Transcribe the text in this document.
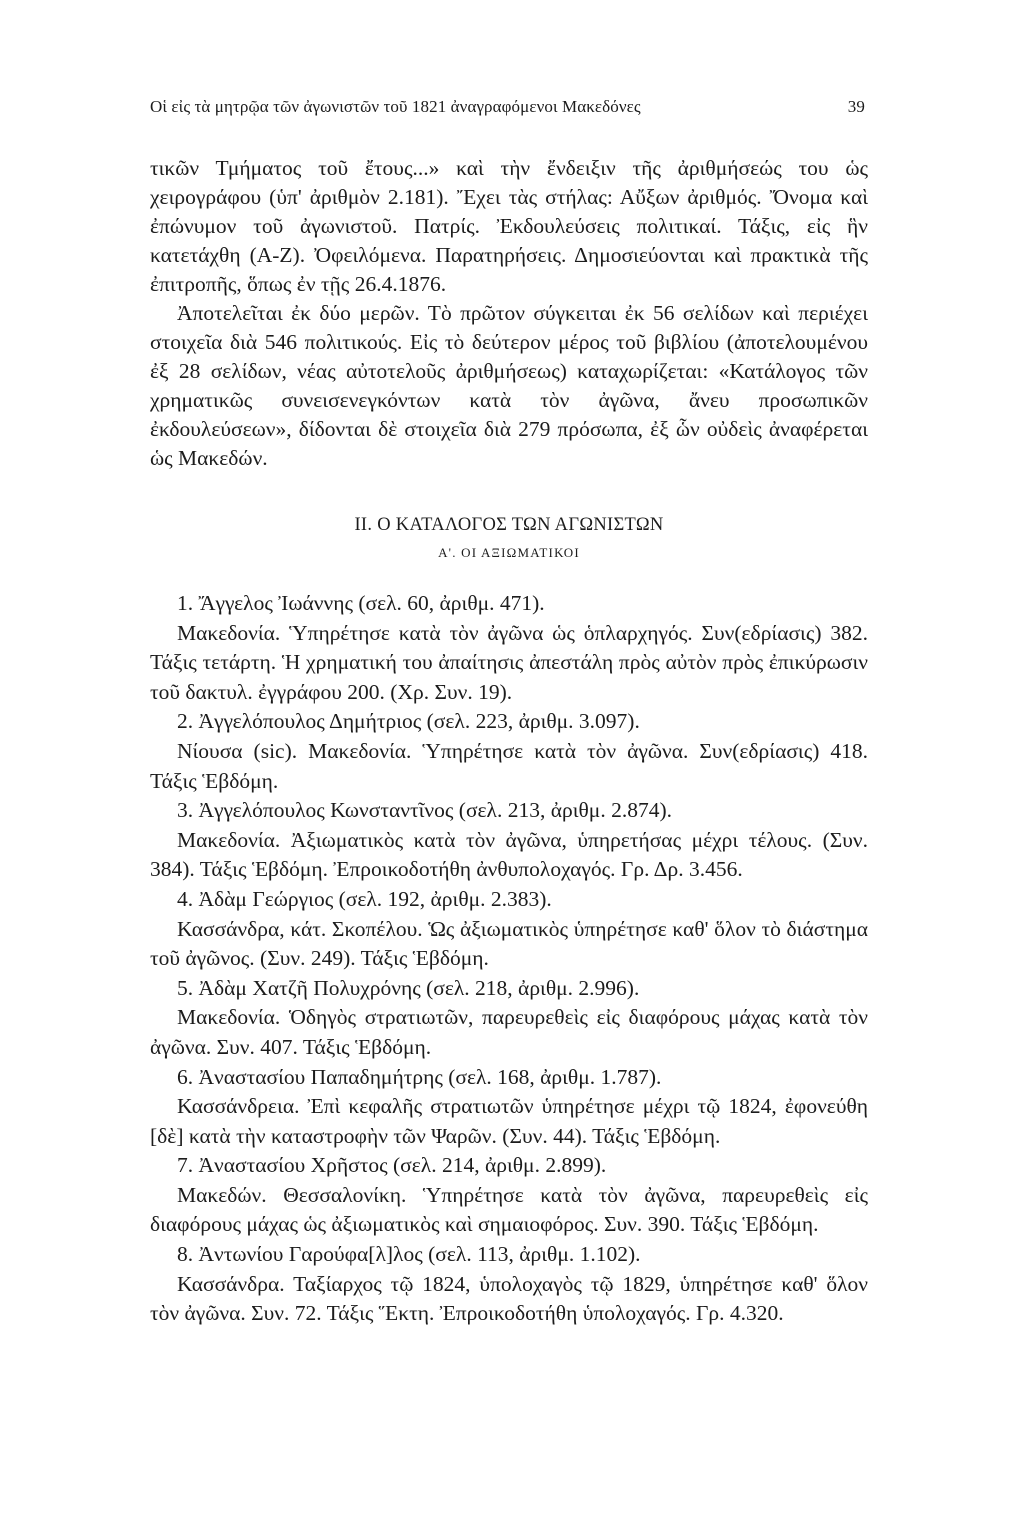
Οἱ εἰς τὰ μητρῷα τῶν ἀγωνιστῶν τοῦ 1821 ἀναγραφόμενοι Μακεδόνες	39

τικῶν Τμήματος τοῦ ἔτους...» καὶ τὴν ἔνδειξιν τῆς ἀριθμήσεώς του ὡς χειρογράφου (ὑπ' ἀριθμὸν 2.181). Ἔχει τὰς στήλας: Αὔξων ἀριθμός. Ὄνομα καὶ ἐπώνυμον τοῦ ἀγωνιστοῦ. Πατρίς. Ἐκδουλεύσεις πολιτικαί. Τάξις, εἰς ἣν κατετάχθη (Α-Ζ). Ὀφειλόμενα. Παρατηρήσεις. Δημοσιεύονται καὶ πρακτικὰ τῆς ἐπιτροπῆς, ὅπως ἐν τῇς 26.4.1876.

Ἀποτελεῖται ἐκ δύο μερῶν. Τὸ πρῶτον σύγκειται ἐκ 56 σελίδων καὶ περιέχει στοιχεῖα διὰ 546 πολιτικούς. Εἰς τὸ δεύτερον μέρος τοῦ βιβλίου (ἀποτελουμένου ἐξ 28 σελίδων, νέας αὐτοτελοῦς ἀριθμήσεως) καταχωρίζεται: «Κατάλογος τῶν χρηματικῶς συνεισενεγκόντων κατὰ τὸν ἀγῶνα, ἄνευ προσωπικῶν ἐκδουλεύσεων», δίδονται δὲ στοιχεῖα διὰ 279 πρόσωπα, ἐξ ὧν οὐδεὶς ἀναφέρεται ὡς Μακεδών.

II. Ο ΚΑΤΑΛΟΓΟΣ ΤΩΝ ΑΓΩΝΙΣΤΩΝ
Α'. ΟΙ ΑΞΙΩΜΑΤΙΚΟΙ
1. Ἄγγελος Ἰωάννης (σελ. 60, ἀριθμ. 471).
Μακεδονία. Ὑπηρέτησε κατὰ τὸν ἀγῶνα ὡς ὁπλαρχηγός. Συν(εδρίασις) 382. Τάξις τετάρτη. Ἡ χρηματική του ἀπαίτησις ἀπεστάλη πρὸς αὐτὸν πρὸς ἐπικύρωσιν τοῦ δακτυλ. ἐγγράφου 200. (Χρ. Συν. 19).
2. Ἀγγελόπουλος Δημήτριος (σελ. 223, ἀριθμ. 3.097).
Νίουσα (sic). Μακεδονία. Ὑπηρέτησε κατὰ τὸν ἀγῶνα. Συν(εδρίασις) 418. Τάξις Ἑβδόμη.
3. Ἀγγελόπουλος Κωνσταντῖνος (σελ. 213, ἀριθμ. 2.874).
Μακεδονία. Ἀξιωματικὸς κατὰ τὸν ἀγῶνα, ὑπηρετήσας μέχρι τέλους. (Συν. 384). Τάξις Ἑβδόμη. Ἐπροικοδοτήθη ἀνθυπολοχαγός. Γρ. Δρ. 3.456.
4. Ἀδὰμ Γεώργιος (σελ. 192, ἀριθμ. 2.383).
Κασσάνδρα, κάτ. Σκοπέλου. Ὡς ἀξιωματικὸς ὑπηρέτησε καθ' ὅλον τὸ διάστημα τοῦ ἀγῶνος. (Συν. 249). Τάξις Ἑβδόμη.
5. Ἀδὰμ Χατζῆ Πολυχρόνης (σελ. 218, ἀριθμ. 2.996).
Μακεδονία. Ὁδηγὸς στρατιωτῶν, παρευρεθεὶς εἰς διαφόρους μάχας κατὰ τὸν ἀγῶνα. Συν. 407. Τάξις Ἑβδόμη.
6. Ἀναστασίου Παπαδημήτρης (σελ. 168, ἀριθμ. 1.787).
Κασσάνδρεια. Ἐπὶ κεφαλῆς στρατιωτῶν ὑπηρέτησε μέχρι τῷ 1824, ἐφονεύθη [δὲ] κατὰ τὴν καταστροφὴν τῶν Ψαρῶν. (Συν. 44). Τάξις Ἑβδόμη.
7. Ἀναστασίου Χρῆστος (σελ. 214, ἀριθμ. 2.899).
Μακεδών. Θεσσαλονίκη. Ὑπηρέτησε κατὰ τὸν ἀγῶνα, παρευρεθεὶς εἰς διαφόρους μάχας ὡς ἀξιωματικὸς καὶ σημαιοφόρος. Συν. 390. Τάξις Ἑβδόμη.
8. Ἀντωνίου Γαρούφα[λ]λος (σελ. 113, ἀριθμ. 1.102).
Κασσάνδρα. Ταξίαρχος τῷ 1824, ὑπολοχαγὸς τῷ 1829, ὑπηρέτησε καθ' ὅλον τὸν ἀγῶνα. Συν. 72. Τάξις Ἕκτη. Ἐπροικοδοτήθη ὑπολοχαγός. Γρ. 4.320.
